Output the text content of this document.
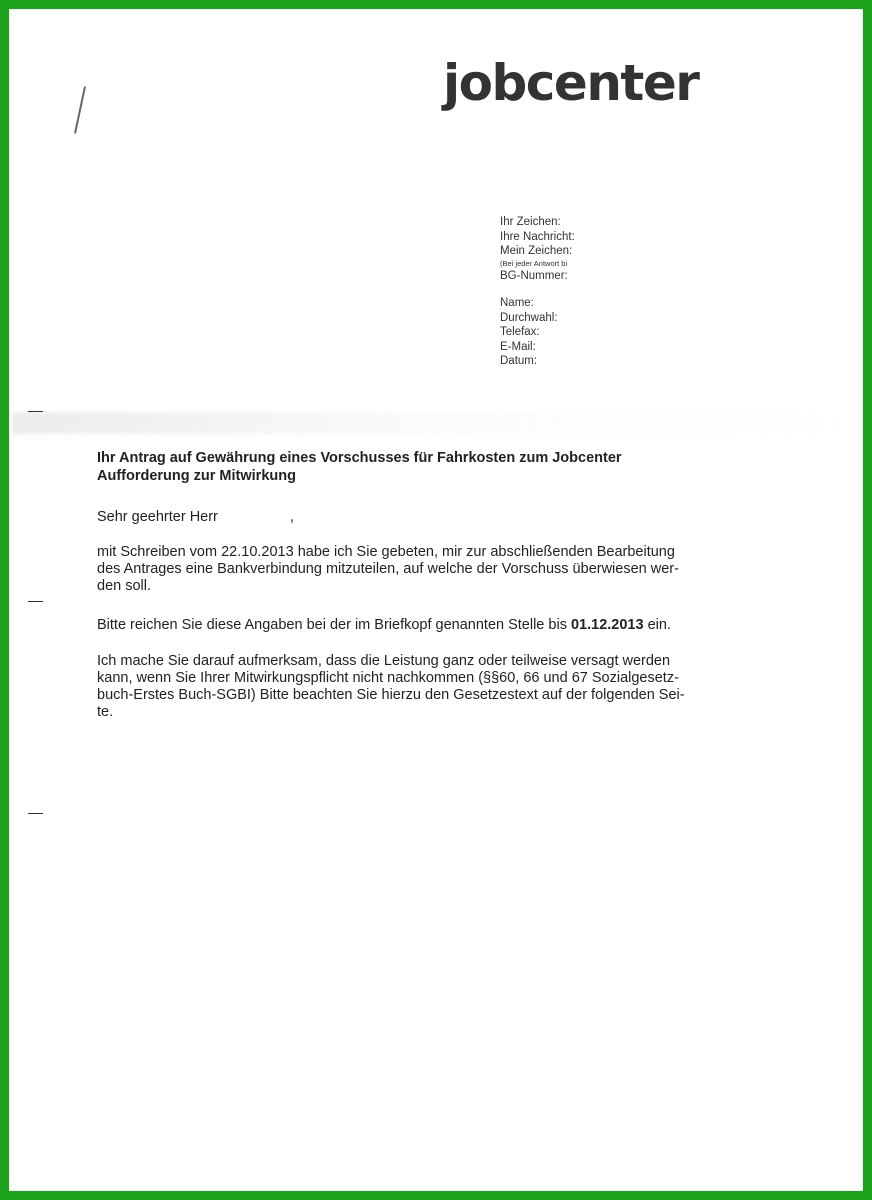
jobcenter
Ihr Zeichen:
Ihre Nachricht:
Mein Zeichen:
(Bei jeder Antwort bi
BG-Nummer:
Name:
Durchwahl:
Telefax:
E-Mail:
Datum:
Ihr Antrag auf Gewährung eines Vorschusses für Fahrkosten zum Jobcenter
Aufforderung zur Mitwirkung
Sehr geehrter Herr	,
mit Schreiben vom 22.10.2013 habe ich Sie gebeten, mir zur abschließenden Bearbeitung
des Antrages eine Bankverbindung mitzuteilen, auf welche der Vorschuss überwiesen wer-
den soll.
Bitte reichen Sie diese Angaben bei der im Briefkopf genannten Stelle bis 01.12.2013 ein.
Ich mache Sie darauf aufmerksam, dass die Leistung ganz oder teilweise versagt werden
kann, wenn Sie Ihrer Mitwirkungspflicht nicht nachkommen (§§60, 66 und 67 Sozialgesetz-
buch-Erstes Buch-SGBI) Bitte beachten Sie hierzu den Gesetzestext auf der folgenden Sei-
te.
